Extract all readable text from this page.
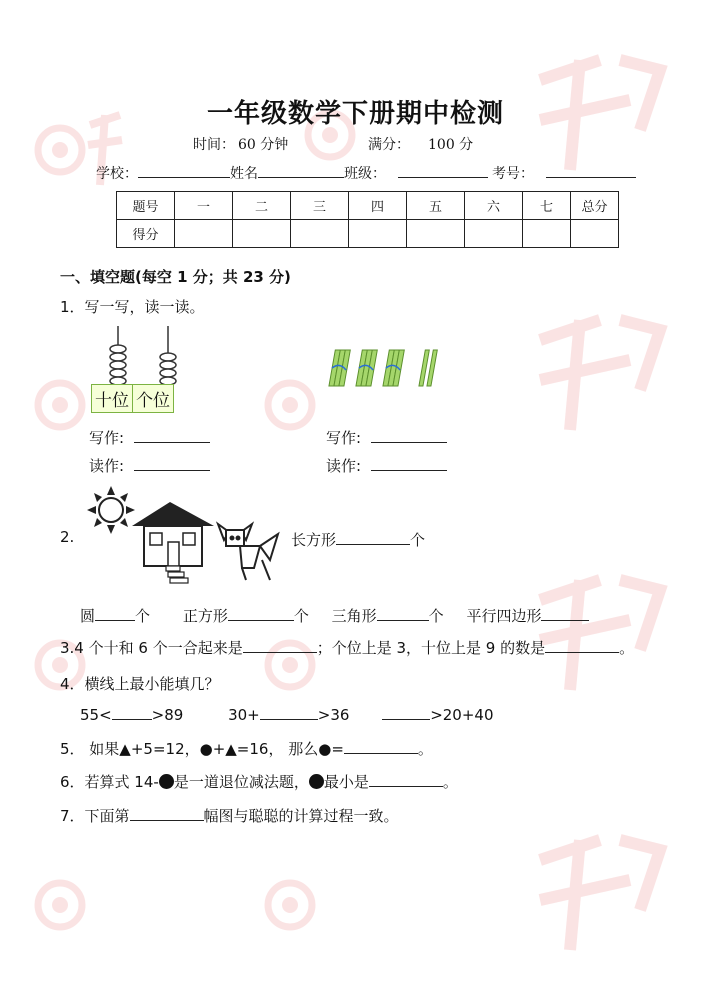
一年级数学下册期中检测
时间： 60 分钟	满分： 100 分
学校：	姓名	班级：	考号：
题号	一	二	三	四	五	六	七	总分
得分								
一、填空题(每空 1 分；共 23 分)
1．写一写，读一读。
十位 个位
写作:
读作:
写作:
读作:
2.	长方形	个
圆	个 正方形	个 三角形	个 平行四边形
3.4 个十和 6 个一合起来是	；个位上是 3，十位上是 9 的数是	。
4．横线上最小能填几？
55<	>89	30+	>36	>20+40
5． 如果▲+5=12，●+▲=16， 那么●=	。
6．若算式 14- 是一道退位减法题， 最小是	。
7．下面第	幅图与聪聪的计算过程一致。
